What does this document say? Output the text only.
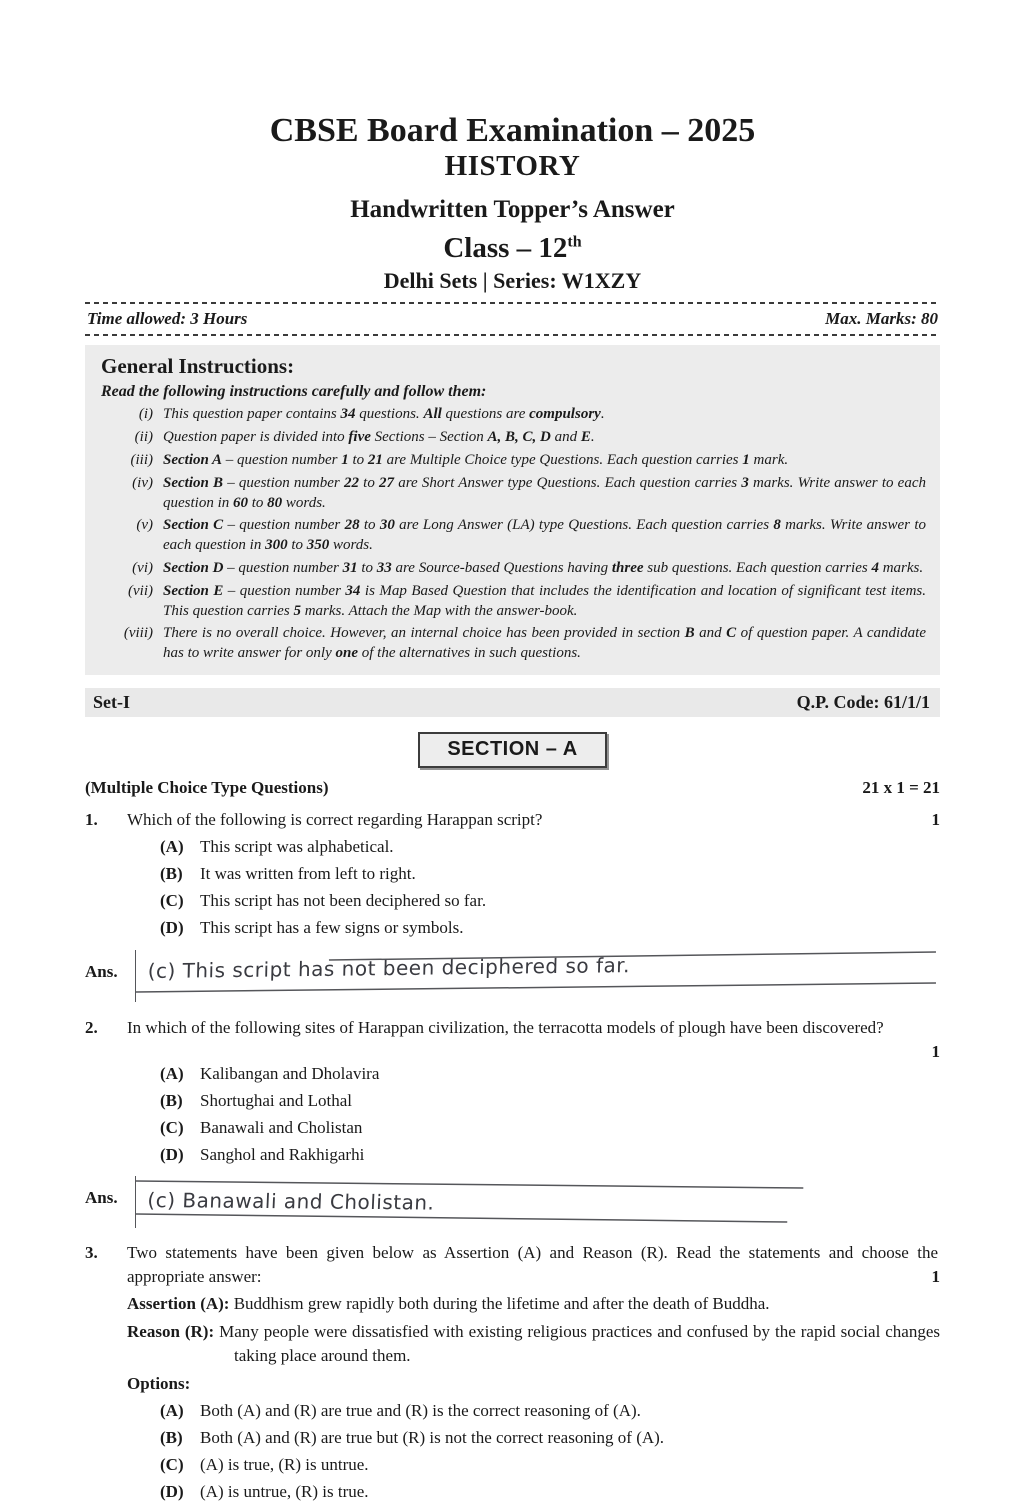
CBSE Board Examination – 2025
HISTORY
Handwritten Topper’s Answer
Class – 12th
Delhi Sets | Series: W1XZY
Time allowed: 3 Hours	Max. Marks: 80
General Instructions:
Read the following instructions carefully and follow them:
(i) This question paper contains 34 questions. All questions are compulsory.
(ii) Question paper is divided into five Sections – Section A, B, C, D and E.
(iii) Section A – question number 1 to 21 are Multiple Choice type Questions. Each question carries 1 mark.
(iv) Section B – question number 22 to 27 are Short Answer type Questions. Each question carries 3 marks. Write answer to each question in 60 to 80 words.
(v) Section C – question number 28 to 30 are Long Answer (LA) type Questions. Each question carries 8 marks. Write answer to each question in 300 to 350 words.
(vi) Section D – question number 31 to 33 are Source-based Questions having three sub questions. Each question carries 4 marks.
(vii) Section E – question number 34 is Map Based Question that includes the identification and location of significant test items. This question carries 5 marks. Attach the Map with the answer-book.
(viii) There is no overall choice. However, an internal choice has been provided in section B and C of question paper. A candidate has to write answer for only one of the alternatives in such questions.
Set-I	Q.P. Code: 61/1/1
SECTION – A
(Multiple Choice Type Questions)	21 x 1 = 21
1.	Which of the following is correct regarding Harappan script?	1
(A) This script was alphabetical.
(B)	It was written from left to right.
(C) This script has not been deciphered so far.
(D) This script has a few signs or symbols.
Ans.	(c) This script has not been deciphered so far.
2.	In which of the following sites of Harappan civilization, the terracotta models of plough have been discovered?
1
(A) Kalibangan and Dholavira
(B)	Shortughai and Lothal
(C) Banawali and Cholistan
(D) Sanghol and Rakhigarhi
Ans.	(c) Banawali and Cholistan.
3.	Two statements have been given below as Assertion (A) and Reason (R). Read the statements and choose the appropriate answer:	1
Assertion (A): Buddhism grew rapidly both during the lifetime and after the death of Buddha.
Reason (R): Many people were dissatisfied with existing religious practices and confused by the rapid social changes taking place around them.
Options:
(A) Both (A) and (R) are true and (R) is the correct reasoning of (A).
(B)	Both (A) and (R) are true but (R) is not the correct reasoning of (A).
(C) (A) is true, (R) is untrue.
(D) (A) is untrue, (R) is true.
